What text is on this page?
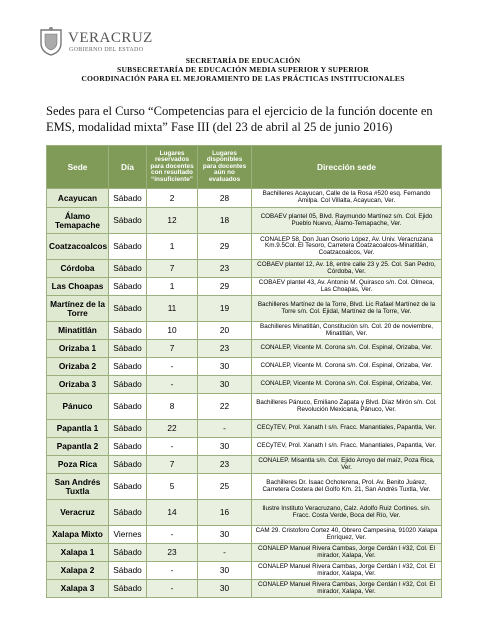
VERACRUZ
GOBIERNO DEL ESTADO
SECRETARÍA DE EDUCACIÓN
SUBSECRETARÍA DE EDUCACIÓN MEDIA SUPERIOR Y SUPERIOR
COORDINACIÓN PARA EL MEJORAMIENTO DE LAS PRÁCTICAS INSTITUCIONALES
Sedes para el Curso “Competencias para el ejercicio de la función docente en EMS, modalidad mixta” Fase III (del 23 de abril al 25 de junio 2016)
Sede	Día	Lugares reservados para docentes con resultado “insuficiente”	Lugares disponibles para docentes aún no evaluados	Dirección sede
Acayucan	Sábado	2	28	Bachilleres Acayucan, Calle de la Rosa #520 esq. Fernando Amilpa. Col Villalta, Acayucan, Ver.
Álamo Temapache	Sábado	12	18	COBAEV plantel 05, Blvd. Raymundo Martínez s/n. Col. Ejido Pueblo Nuevo, Álamo-Temapache, Ver.
Coatzacoalcos	Sábado	1	29	CONALEP 58, Don Juan Osorio López, Av. Univ. Veracruzana Km.9.5Col. El Tesoro, Carretera Coatzacoalcos-Minatitlán, Coatzacoalcos, Ver.
Córdoba	Sábado	7	23	COBAEV plantel 12, Av. 18, entre calle 23 y 25. Col. San Pedro, Córdoba, Ver.
Las Choapas	Sábado	1	29	COBAEV plantel 43, Av. Antonio M. Quirasco s/n. Col. Olmeca, Las Choapas, Ver.
Martínez de la Torre	Sábado	11	19	Bachilleres Martínez de la Torre, Blvd. Lic Rafael Martínez de la Torre s/n. Col. Ejidal, Martínez de la Torre, Ver.
Minatitlán	Sábado	10	20	Bachilleres Minatitlán, Constitución s/n. Col. 20 de noviembre, Minatitlán, Ver.
Orizaba 1	Sábado	7	23	CONALEP, Vicente M. Corona s/n. Col. Espinal, Orizaba, Ver.
Orizaba 2	Sábado	-	30	CONALEP, Vicente M. Corona s/n. Col. Espinal, Orizaba, Ver.
Orizaba 3	Sábado	-	30	CONALEP, Vicente M. Corona s/n. Col. Espinal, Orizaba, Ver.
Pánuco	Sábado	8	22	Bachilleres Pánuco, Emiliano Zapata y Blvd. Díaz Mirón s/n. Col. Revolución Mexicana, Pánuco, Ver.
Papantla 1	Sábado	22	-	CECyTEV, Prol. Xanath I s/n. Fracc. Manantiales, Papantla, Ver.
Papantla 2	Sábado	-	30	CECyTEV, Prol. Xanath I s/n. Fracc. Manantiales, Papantla, Ver.
Poza Rica	Sábado	7	23	CONALEP. Misantla s/n. Col. Ejido Arroyo del maíz, Poza Rica, Ver.
San Andrés Tuxtla	Sábado	5	25	Bachilleres Dr. Isaac Ochoterena, Prol. Av. Benito Juárez, Carretera Costera del Golfo Km. 21, San Andrés Tuxtla, Ver.
Veracruz	Sábado	14	16	Ilustre Instituto Veracruzano, Calz. Adolfo Ruiz Cortines. s/n. Fracc. Costa Verde, Boca del Río, Ver.
Xalapa Mixto	Viernes	-	30	CAM 29. Cristoforo Cortez 40, Obrero Campesina, 91020 Xalapa Enríquez, Ver.
Xalapa 1	Sábado	23	-	CONALEP Manuel Rivera Cambas, Jorge Cerdán I #32, Col. El mirador, Xalapa, Ver.
Xalapa 2	Sábado	-	30	CONALEP Manuel Rivera Cambas, Jorge Cerdán I #32, Col. El mirador, Xalapa, Ver.
Xalapa 3	Sábado	-	30	CONALEP Manuel Rivera Cambas, Jorge Cerdán I #32, Col. El mirador, Xalapa, Ver.
